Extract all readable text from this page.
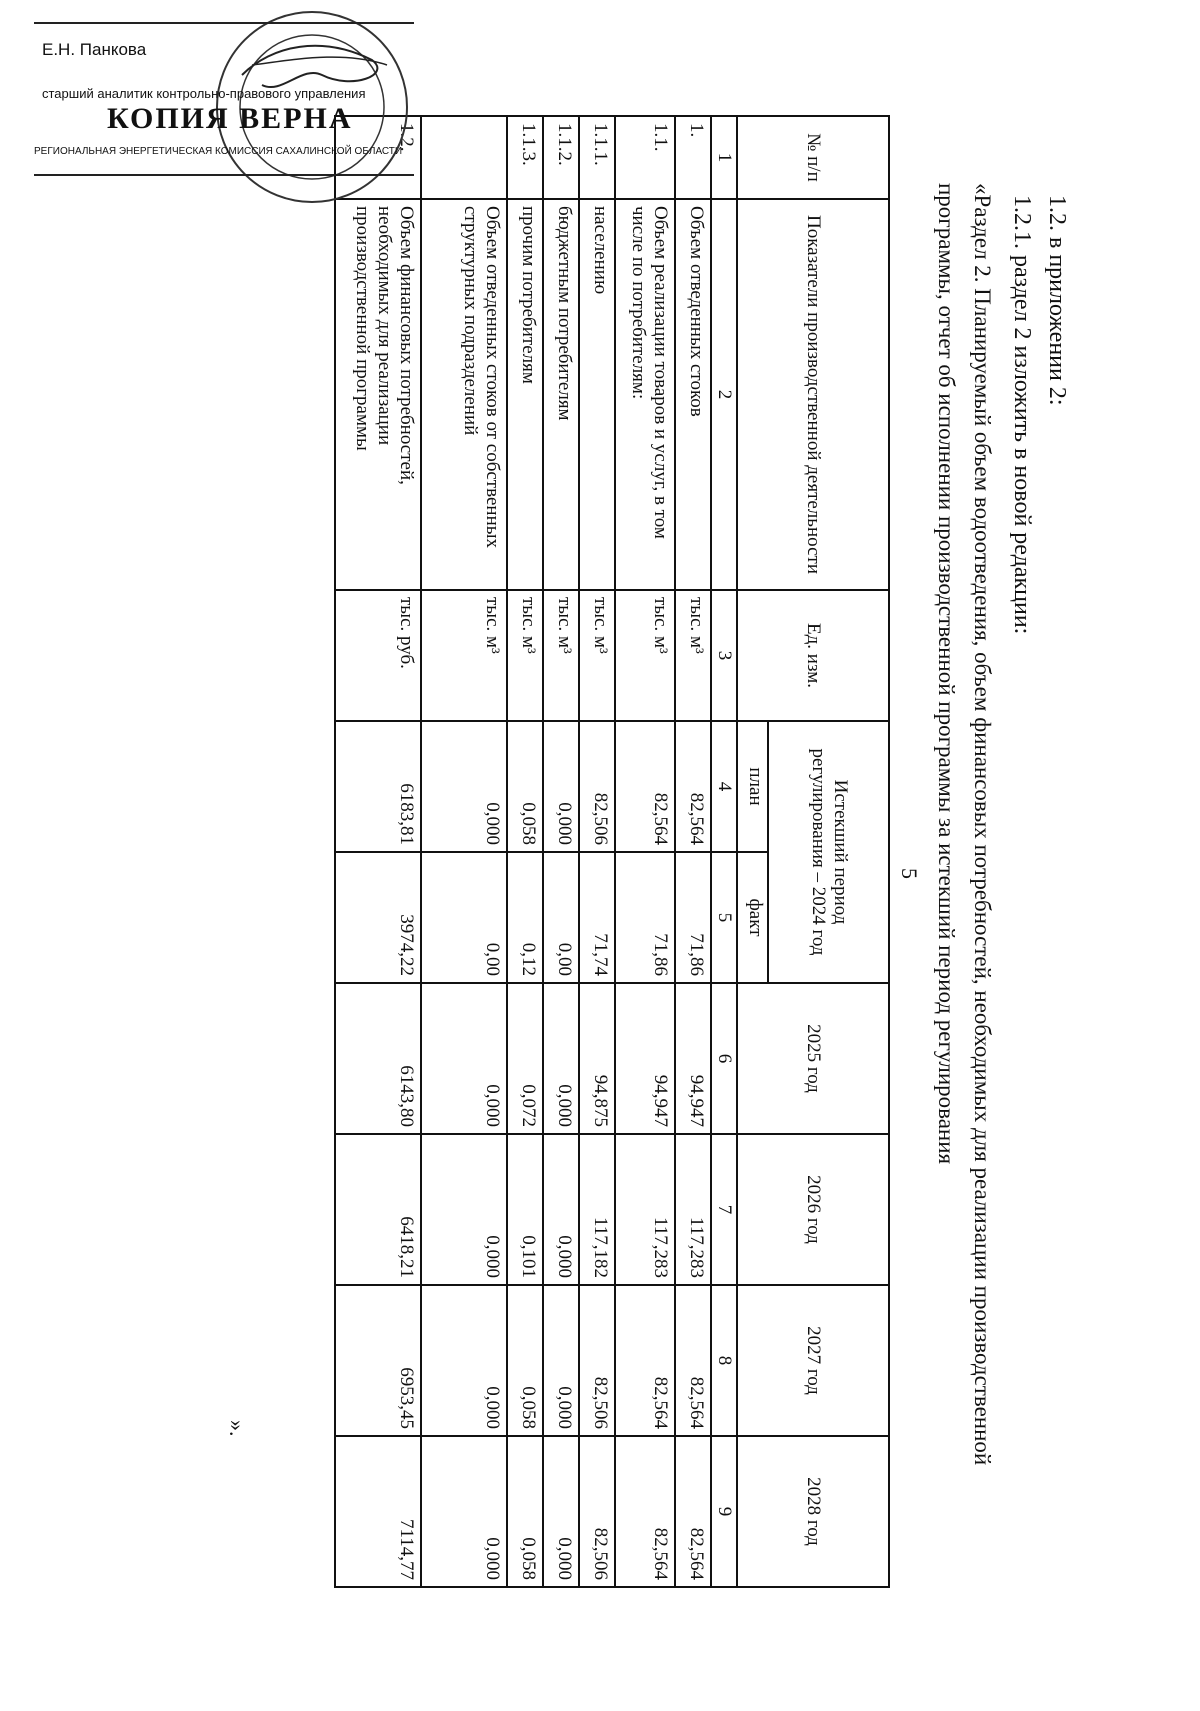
5
1.2. в приложении 2:
1.2.1. раздел 2 изложить в новой редакции:
«Раздел 2. Планируемый объем водоотведения, объем финансовых потребностей, необходимых для реализации производственной программы, отчет об исполнении производственной программы за истекший период регулирования
№ п/п	Показатели производственной деятельности	Ед. изм.	Истекший период регулирования – 2024 год		2025 год	2026 год	2027 год	2028 год
			план	факт				
1	2	3	4	5	6	7	8	9
1.	Объем отведенных стоков	тыс. м³	82,564	71,86	94,947	117,283	82,564	82,564
1.1.	Объем реализации товаров и услуг, в том числе по потребителям:	тыс. м³	82,564	71,86	94,947	117,283	82,564	82,564
1.1.1.	населению	тыс. м³	82,506	71,74	94,875	117,182	82,506	82,506
1.1.2.	бюджетным потребителям	тыс. м³	0,000	0,00	0,000	0,000	0,000	0,000
1.1.3.	прочим потребителям	тыс. м³	0,058	0,12	0,072	0,101	0,058	0,058
	Объем отведенных стоков от собственных структурных подразделений	тыс. м³	0,000	0,00	0,000	0,000	0,000	0,000
1.2.	Объем финансовых потребностей, необходимых для реализации производственной программы	тыс. руб.	6183,81	3974,22	6143,80	6418,21	6953,45	7114,77
».
Е.Н. Панкова
старший аналитик контрольно-правового управления
КОПИЯ ВЕРНА
РЕГИОНАЛЬНАЯ ЭНЕРГЕТИЧЕСКАЯ КОМИССИЯ САХАЛИНСКОЙ ОБЛАСТИ
